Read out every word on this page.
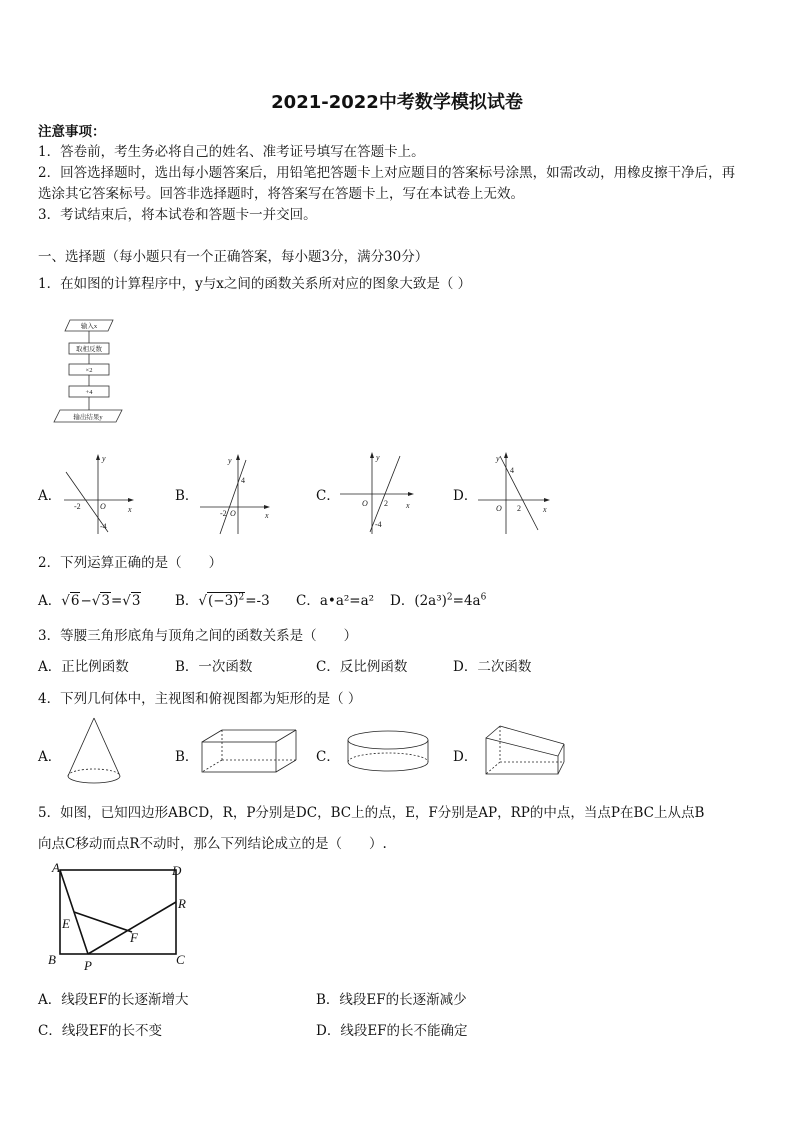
2021-2022中考数学模拟试卷
注意事项：
1．答卷前，考生务必将自己的姓名、准考证号填写在答题卡上。
2．回答选择题时，选出每小题答案后，用铅笔把答题卡上对应题目的答案标号涂黑，如需改动，用橡皮擦干净后，再
选涂其它答案标号。回答非选择题时，将答案写在答题卡上，写在本试卷上无效。
3．考试结束后，将本试卷和答题卡一并交回。
一、选择题（每小题只有一个正确答案，每小题3分，满分30分）
1．在如图的计算程序中，y与x之间的函数关系所对应的图象大致是（ ）
输入x
取相反数
×2
+4
输出结果y
A．
y
x
O
-2
-4
B．
y
x
O
-2
4
C．
y
x
O 2
-4
D．
y
x
O 2
4
2．下列运算正确的是（　　）
A．√6−√3=√3	B．$√(-3)^2=-3$ C．a•a²=a² D．$(2a^3)^2=4a^6$
3．等腰三角形底角与顶角之间的函数关系是（　　）
A．正比例函数	B．一次函数	C．反比例函数	D．二次函数
4．下列几何体中，主视图和俯视图都为矩形的是（ ）
A．	B．	C．	D．
5．如图，已知四边形ABCD，R，P分别是DC，BC上的点，E，F分别是AP，RP的中点，当点P在BC上从点B
向点C移动而点R不动时，那么下列结论成立的是（　　）.
A	D
R
E
F
B P	C
A．线段EF的长逐渐增大	B．线段EF的长逐渐减少
C．线段EF的长不变	D．线段EF的长不能确定
